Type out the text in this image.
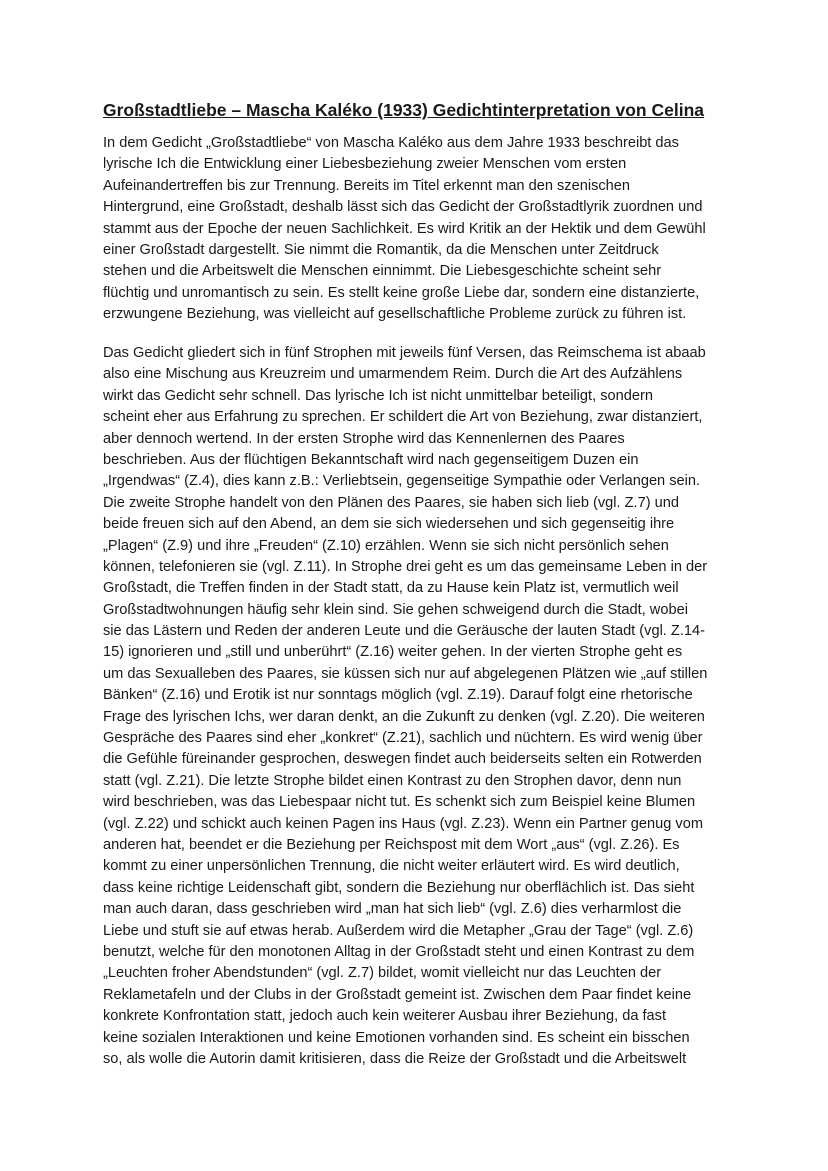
Großstadtliebe – Mascha Kaléko (1933) Gedichtinterpretation von Celina
In dem Gedicht „Großstadtliebe“ von Mascha Kaléko aus dem Jahre 1933 beschreibt das
lyrische Ich die Entwicklung einer Liebesbeziehung zweier Menschen vom ersten
Aufeinandertreffen bis zur Trennung. Bereits im Titel erkennt man den szenischen
Hintergrund, eine Großstadt, deshalb lässt sich das Gedicht der Großstadtlyrik zuordnen und
stammt aus der Epoche der neuen Sachlichkeit. Es wird Kritik an der Hektik und dem Gewühl
einer Großstadt dargestellt. Sie nimmt die Romantik, da die Menschen unter Zeitdruck
stehen und die Arbeitswelt die Menschen einnimmt. Die Liebesgeschichte scheint sehr
flüchtig und unromantisch zu sein. Es stellt keine große Liebe dar, sondern eine distanzierte,
erzwungene Beziehung, was vielleicht auf gesellschaftliche Probleme zurück zu führen ist.
Das Gedicht gliedert sich in fünf Strophen mit jeweils fünf Versen, das Reimschema ist abaab
also eine Mischung aus Kreuzreim und umarmendem Reim. Durch die Art des Aufzählens
wirkt das Gedicht sehr schnell. Das lyrische Ich ist nicht unmittelbar beteiligt, sondern
scheint eher aus Erfahrung zu sprechen. Er schildert die Art von Beziehung, zwar distanziert,
aber dennoch wertend. In der ersten Strophe wird das Kennenlernen des Paares
beschrieben. Aus der flüchtigen Bekanntschaft wird nach gegenseitigem Duzen ein
„Irgendwas“ (Z.4), dies kann z.B.: Verliebtsein, gegenseitige Sympathie oder Verlangen sein.
Die zweite Strophe handelt von den Plänen des Paares, sie haben sich lieb (vgl. Z.7) und
beide freuen sich auf den Abend, an dem sie sich wiedersehen und sich gegenseitig ihre
„Plagen“ (Z.9) und ihre „Freuden“ (Z.10) erzählen. Wenn sie sich nicht persönlich sehen
können, telefonieren sie (vgl. Z.11). In Strophe drei geht es um das gemeinsame Leben in der
Großstadt, die Treffen finden in der Stadt statt, da zu Hause kein Platz ist, vermutlich weil
Großstadtwohnungen häufig sehr klein sind. Sie gehen schweigend durch die Stadt, wobei
sie das Lästern und Reden der anderen Leute und die Geräusche der lauten Stadt (vgl. Z.14-
15) ignorieren und „still und unberührt“ (Z.16) weiter gehen. In der vierten Strophe geht es
um das Sexualleben des Paares, sie küssen sich nur auf abgelegenen Plätzen wie „auf stillen
Bänken“ (Z.16) und Erotik ist nur sonntags möglich (vgl. Z.19). Darauf folgt eine rhetorische
Frage des lyrischen Ichs, wer daran denkt, an die Zukunft zu denken (vgl. Z.20). Die weiteren
Gespräche des Paares sind eher „konkret“ (Z.21), sachlich und nüchtern. Es wird wenig über
die Gefühle füreinander gesprochen, deswegen findet auch beiderseits selten ein Rotwerden
statt (vgl. Z.21). Die letzte Strophe bildet einen Kontrast zu den Strophen davor, denn nun
wird beschrieben, was das Liebespaar nicht tut. Es schenkt sich zum Beispiel keine Blumen
(vgl. Z.22) und schickt auch keinen Pagen ins Haus (vgl. Z.23). Wenn ein Partner genug vom
anderen hat, beendet er die Beziehung per Reichspost mit dem Wort „aus“ (vgl. Z.26). Es
kommt zu einer unpersönlichen Trennung, die nicht weiter erläutert wird. Es wird deutlich,
dass keine richtige Leidenschaft gibt, sondern die Beziehung nur oberflächlich ist. Das sieht
man auch daran, dass geschrieben wird „man hat sich lieb“ (vgl. Z.6) dies verharmlost die
Liebe und stuft sie auf etwas herab. Außerdem wird die Metapher „Grau der Tage“ (vgl. Z.6)
benutzt, welche für den monotonen Alltag in der Großstadt steht und einen Kontrast zu dem
„Leuchten froher Abendstunden“ (vgl. Z.7) bildet, womit vielleicht nur das Leuchten der
Reklametafeln und der Clubs in der Großstadt gemeint ist. Zwischen dem Paar findet keine
konkrete Konfrontation statt, jedoch auch kein weiterer Ausbau ihrer Beziehung, da fast
keine sozialen Interaktionen und keine Emotionen vorhanden sind. Es scheint ein bisschen
so, als wolle die Autorin damit kritisieren, dass die Reize der Großstadt und die Arbeitswelt
